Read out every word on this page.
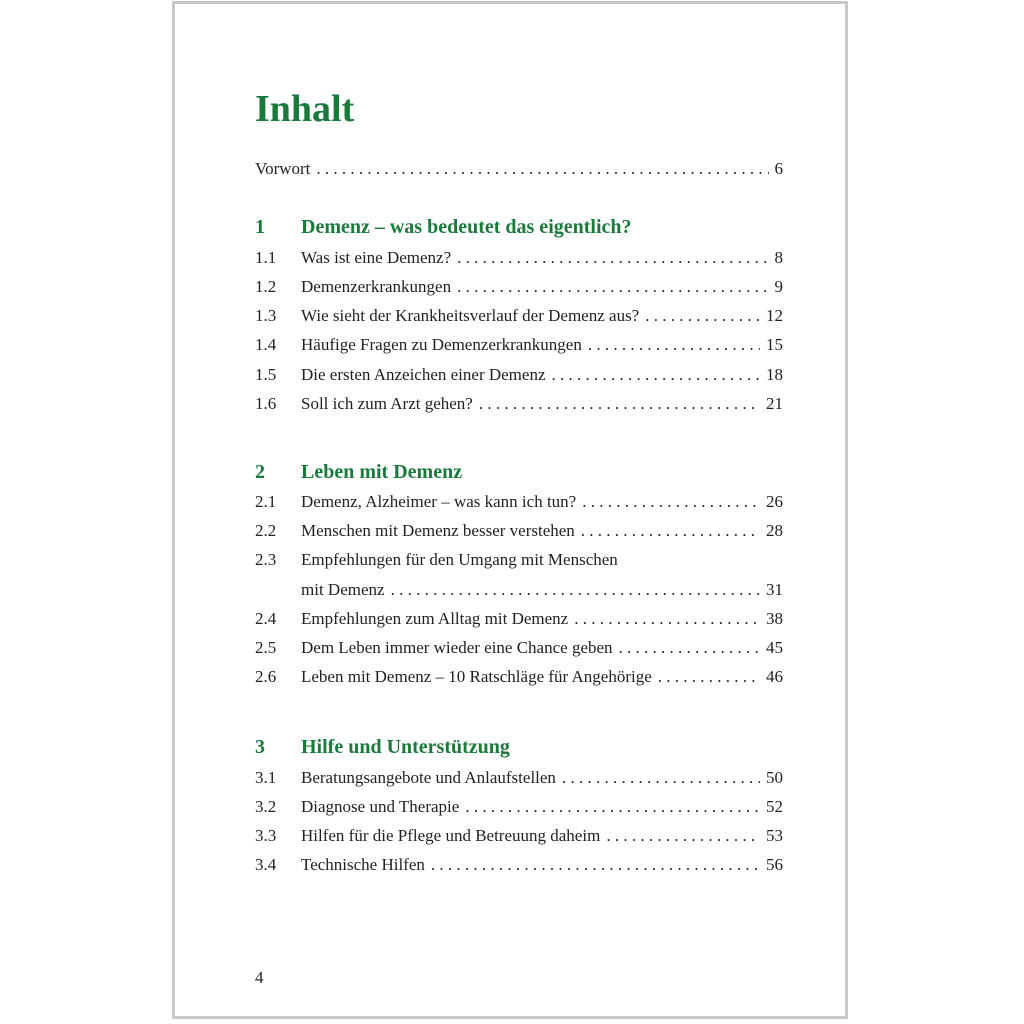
Inhalt
Vorwort . . .	6
1	Demenz – was bedeutet das eigentlich?
1.1	Was ist eine Demenz? . . .	8
1.2	Demenzerkrankungen . . .	9
1.3	Wie sieht der Krankheitsverlauf der Demenz aus? . . .	12
1.4	Häufige Fragen zu Demenzerkrankungen . . .	15
1.5	Die ersten Anzeichen einer Demenz . . .	18
1.6	Soll ich zum Arzt gehen? . . .	21
2	Leben mit Demenz
2.1	Demenz, Alzheimer – was kann ich tun? . . .	26
2.2	Menschen mit Demenz besser verstehen . . .	28
2.3	Empfehlungen für den Umgang mit Menschen
mit Demenz . . .	31
2.4	Empfehlungen zum Alltag mit Demenz . . .	38
2.5	Dem Leben immer wieder eine Chance geben . . .	45
2.6	Leben mit Demenz – 10 Ratschläge für Angehörige . . .	46
3	Hilfe und Unterstützung
3.1	Beratungsangebote und Anlaufstellen . . .	50
3.2	Diagnose und Therapie . . .	52
3.3	Hilfen für die Pflege und Betreuung daheim . . .	53
3.4	Technische Hilfen . . .	56
4
